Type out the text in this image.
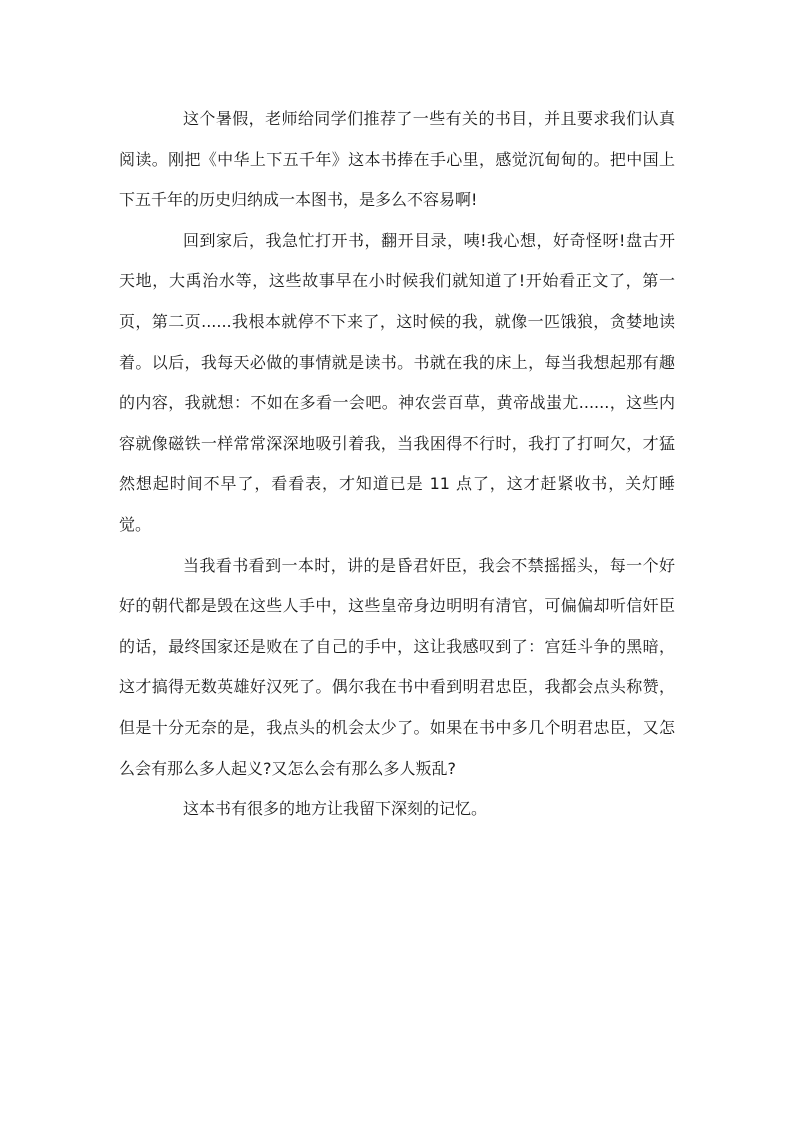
这个暑假，老师给同学们推荐了一些有关的书目，并且要求我们认真阅读。刚把《中华上下五千年》这本书捧在手心里，感觉沉甸甸的。把中国上下五千年的历史归纳成一本图书，是多么不容易啊!

回到家后，我急忙打开书，翻开目录，咦!我心想，好奇怪呀!盘古开天地，大禹治水等，这些故事早在小时候我们就知道了!开始看正文了，第一页，第二页......我根本就停不下来了，这时候的我，就像一匹饿狼，贪婪地读着。以后，我每天必做的事情就是读书。书就在我的床上，每当我想起那有趣的内容，我就想：不如在多看一会吧。神农尝百草，黄帝战蚩尤......，这些内容就像磁铁一样常常深深地吸引着我，当我困得不行时，我打了打呵欠，才猛然想起时间不早了，看看表，才知道已是 11 点了，这才赶紧收书，关灯睡觉。

当我看书看到一本时，讲的是昏君奸臣，我会不禁摇摇头，每一个好好的朝代都是毁在这些人手中，这些皇帝身边明明有清官，可偏偏却听信奸臣的话，最终国家还是败在了自己的手中，这让我感叹到了：宫廷斗争的黑暗，这才搞得无数英雄好汉死了。偶尔我在书中看到明君忠臣，我都会点头称赞，但是十分无奈的是，我点头的机会太少了。如果在书中多几个明君忠臣，又怎么会有那么多人起义?又怎么会有那么多人叛乱?

这本书有很多的地方让我留下深刻的记忆。
